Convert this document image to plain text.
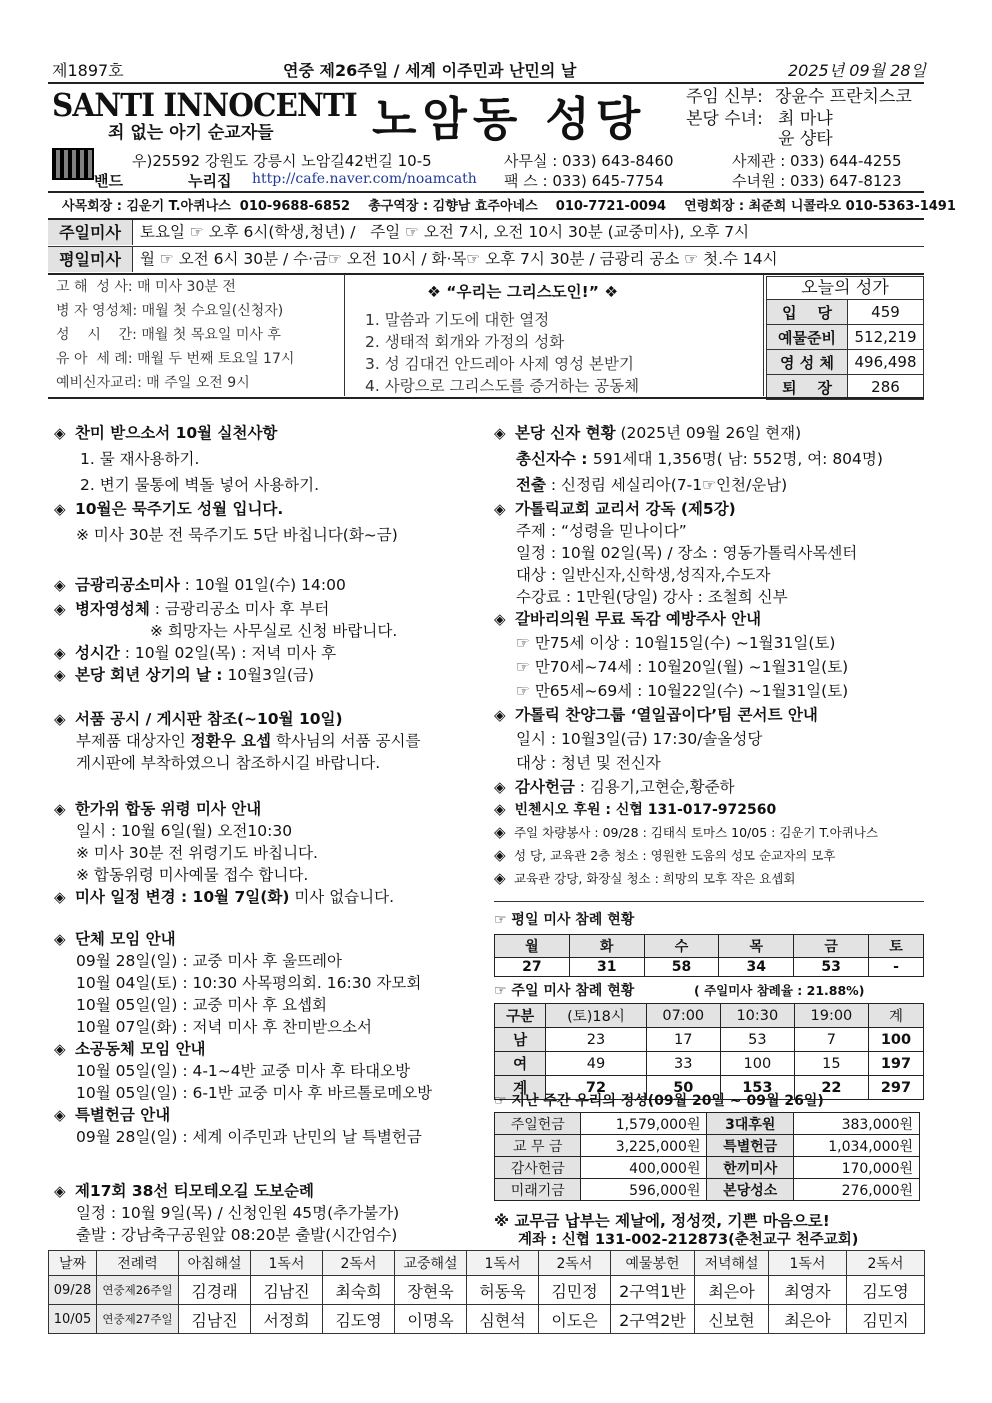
제1897호	연중 제26주일 / 세계 이주민과 난민의 날	2025년 09월 28일
SANTI INNOCENTI
죄 없는 아기 순교자들 노암동 성당 주임 신부: 장윤수 프란치스코
본당 수녀: 최 마냐
윤 샹타
우)25592 강원도 강릉시 노암길42번길 10-5	사무실 : 033) 643-8460	사제관 : 033) 644-4255
밴드	누리집 http://cafe.naver.com/noamcath 팩 스 : 033) 645-7754	수녀원 : 033) 647-8123
사목회장 : 김운기 T.아퀴나스  010-9688-6852    총구역장 : 김향남 효주아네스    010-7721-0094    연령회장 : 최준희 니콜라오 010-5363-1491
주일미사	토요일 ☞ 오후 6시(학생,청년) /   주일 ☞ 오전 7시, 오전 10시 30분 (교중미사), 오후 7시
평일미사	월 ☞ 오전 6시 30분 / 수·금☞ 오전 10시 / 화·목☞ 오후 7시 30분 / 금광리 공소 ☞ 첫.수 14시
고 해  성 사: 매 미사 30분 전
병 자 영성체: 매월 첫 수요일(신청자)
성    시    간: 매월 첫 목요일 미사 후
유 아  세 례: 매월 두 번째 토요일 17시
예비신자교리: 매 주일 오전 9시
❖ “우리는 그리스도인!” ❖
1. 말씀과 기도에 대한 열정
2. 생태적 회개와 가정의 성화
3. 성 김대건 안드레아 사제 영성 본받기
4. 사랑으로 그리스도를 증거하는 공동체
오늘의 성가
입    당	459
예물준비	512,219
영 성 체	496,498
퇴    장	286
◈ 찬미 받으소서 10월 실천사항
1. 물 재사용하기.
2. 변기 물통에 벽돌 넣어 사용하기.
◈ 10월은 묵주기도 성월 입니다.
※ 미사 30분 전 묵주기도 5단 바칩니다(화~금)
◈ 금광리공소미사 : 10월 01일(수) 14:00
◈ 병자영성체 : 금광리공소 미사 후 부터
※ 희망자는 사무실로 신청 바랍니다.
◈ 성시간 : 10월 02일(목) : 저녁 미사 후
◈ 본당 회년 상기의 날 : 10월3일(금)
◈ 서품 공시 / 게시판 참조(~10월 10일)
부제품 대상자인 정환우 요셉 학사님의 서품 공시를
게시판에 부착하였으니 참조하시길 바랍니다.
◈ 한가위 합동 위령 미사 안내
일시 : 10월 6일(월) 오전10:30
※ 미사 30분 전 위령기도 바칩니다.
※ 합동위령 미사예물 접수 합니다.
◈ 미사 일정 변경 : 10월 7일(화) 미사 없습니다.
◈ 단체 모임 안내
09월 28일(일) : 교중 미사 후 울뜨레아
10월 04일(토) : 10:30 사목평의회. 16:30 자모회
10월 05일(일) : 교중 미사 후 요셉회
10월 07일(화) : 저녁 미사 후 찬미받으소서
◈ 소공동체 모임 안내
10월 05일(일) : 4-1~4반 교중 미사 후 타대오방
10월 05일(일) : 6-1반 교중 미사 후 바르톨로메오방
◈ 특별헌금 안내
09월 28일(일) : 세계 이주민과 난민의 날 특별헌금
◈ 제17회 38선 티모테오길 도보순례
일정 : 10월 9일(목) / 신청인원 45명(추가불가)
출발 : 강남축구공원앞 08:20분 출발(시간엄수)
◈ 본당 신자 현황 (2025년 09월 26일 현재)
총신자수 : 591세대 1,356명( 남: 552명, 여: 804명)
전출 : 신정림 세실리아(7-1☞인천/운남)
◈ 가톨릭교회 교리서 강독 (제5강)
주제 : “성령을 믿나이다”
일정 : 10월 02일(목) / 장소 : 영동가톨릭사목센터
대상 : 일반신자,신학생,성직자,수도자
수강료 : 1만원(당일) 강사 : 조철희 신부
◈ 갈바리의원 무료 독감 예방주사 안내
☞ 만75세 이상 : 10월15일(수) ~1월31일(토)
☞ 만70세~74세 : 10월20일(월) ~1월31일(토)
☞ 만65세~69세 : 10월22일(수) ~1월31일(토)
◈ 가톨릭 찬양그룹 ‘열일곱이다’팀 콘서트 안내
일시 : 10월3일(금) 17:30/솔올성당
대상 : 청년 및 전신자
◈ 감사헌금 : 김용기,고현순,황준하
◈ 빈첸시오 후원 : 신협 131-017-972560
◈ 주일 차량봉사 : 09/28 : 김태식 토마스 10/05 : 김운기 T.아퀴나스
◈ 성 당, 교육관 2층 청소 : 영원한 도움의 성모 순교자의 모후
◈ 교육관 강당, 화장실 청소 : 희망의 모후 작은 요셉회
☞ 평일 미사 참례 현황
월	화	수	목	금	토
27	31	58	34	53	-
☞ 주일 미사 참례 현황	( 주일미사 참례율 : 21.88%)
구분	(토)18시	07:00	10:30	19:00	계
남	23	17	53	7	100
여	49	33	100	15	197
계	72	50	153	22	297
☞ 지난 주간 우리의 정성(09월 20일 ~ 09월 26일)
주일헌금	1,579,000원	3대후원	383,000원
교 무 금	3,225,000원	특별헌금	1,034,000원
감사헌금	400,000원	한끼미사	170,000원
미래기금	596,000원	본당성소	276,000원
※ 교무금 납부는 제날에, 정성껏, 기쁜 마음으로!
계좌 : 신협 131-002-212873(춘천교구 천주교회)
날짜	전례력	아침해설	1독서	2독서	교중해설	1독서	2독서	예물봉헌	저녁해설	1독서	2독서
09/28	연중제26주일	김경래	김남진	최숙희	장현욱	허동욱	김민정	2구역1반	최은아	최영자	김도영
10/05	연중제27주일	김남진	서정희	김도영	이명옥	심현석	이도은	2구역2반	신보현	최은아	김민지
